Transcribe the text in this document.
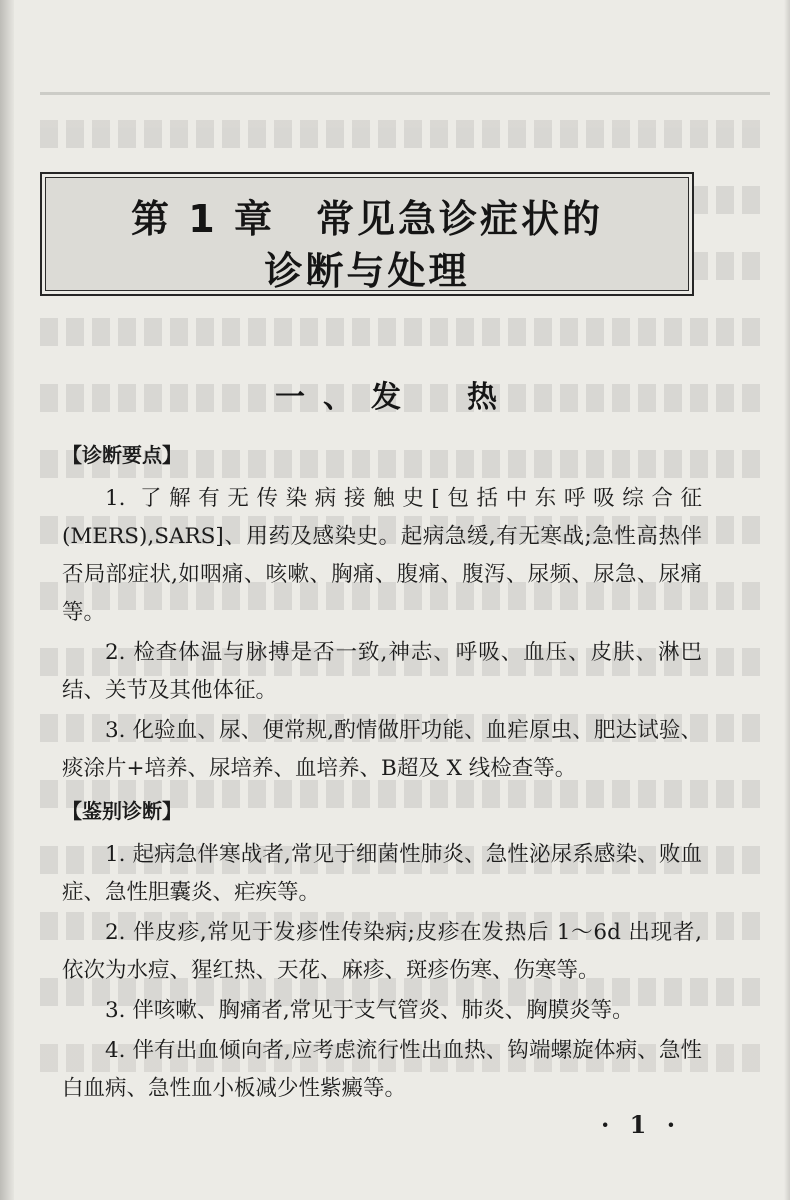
第 1 章　常见急诊症状的
诊断与处理
一、发　热

【诊断要点】

1. 了解有无传染病接触史[包括中东呼吸综合征(MERS),SARS]、用药及感染史。起病急缓,有无寒战;急性高热伴否局部症状,如咽痛、咳嗽、胸痛、腹痛、腹泻、尿频、尿急、尿痛等。

2. 检查体温与脉搏是否一致,神志、呼吸、血压、皮肤、淋巴结、关节及其他体征。

3. 化验血、尿、便常规,酌情做肝功能、血疟原虫、肥达试验、痰涂片+培养、尿培养、血培养、B超及 X 线检查等。

【鉴别诊断】

1. 起病急伴寒战者,常见于细菌性肺炎、急性泌尿系感染、败血症、急性胆囊炎、疟疾等。

2. 伴皮疹,常见于发疹性传染病;皮疹在发热后 1～6d 出现者,依次为水痘、猩红热、天花、麻疹、斑疹伤寒、伤寒等。

3. 伴咳嗽、胸痛者,常见于支气管炎、肺炎、胸膜炎等。

4. 伴有出血倾向者,应考虑流行性出血热、钩端螺旋体病、急性白血病、急性血小板减少性紫癜等。

· 1 ·
